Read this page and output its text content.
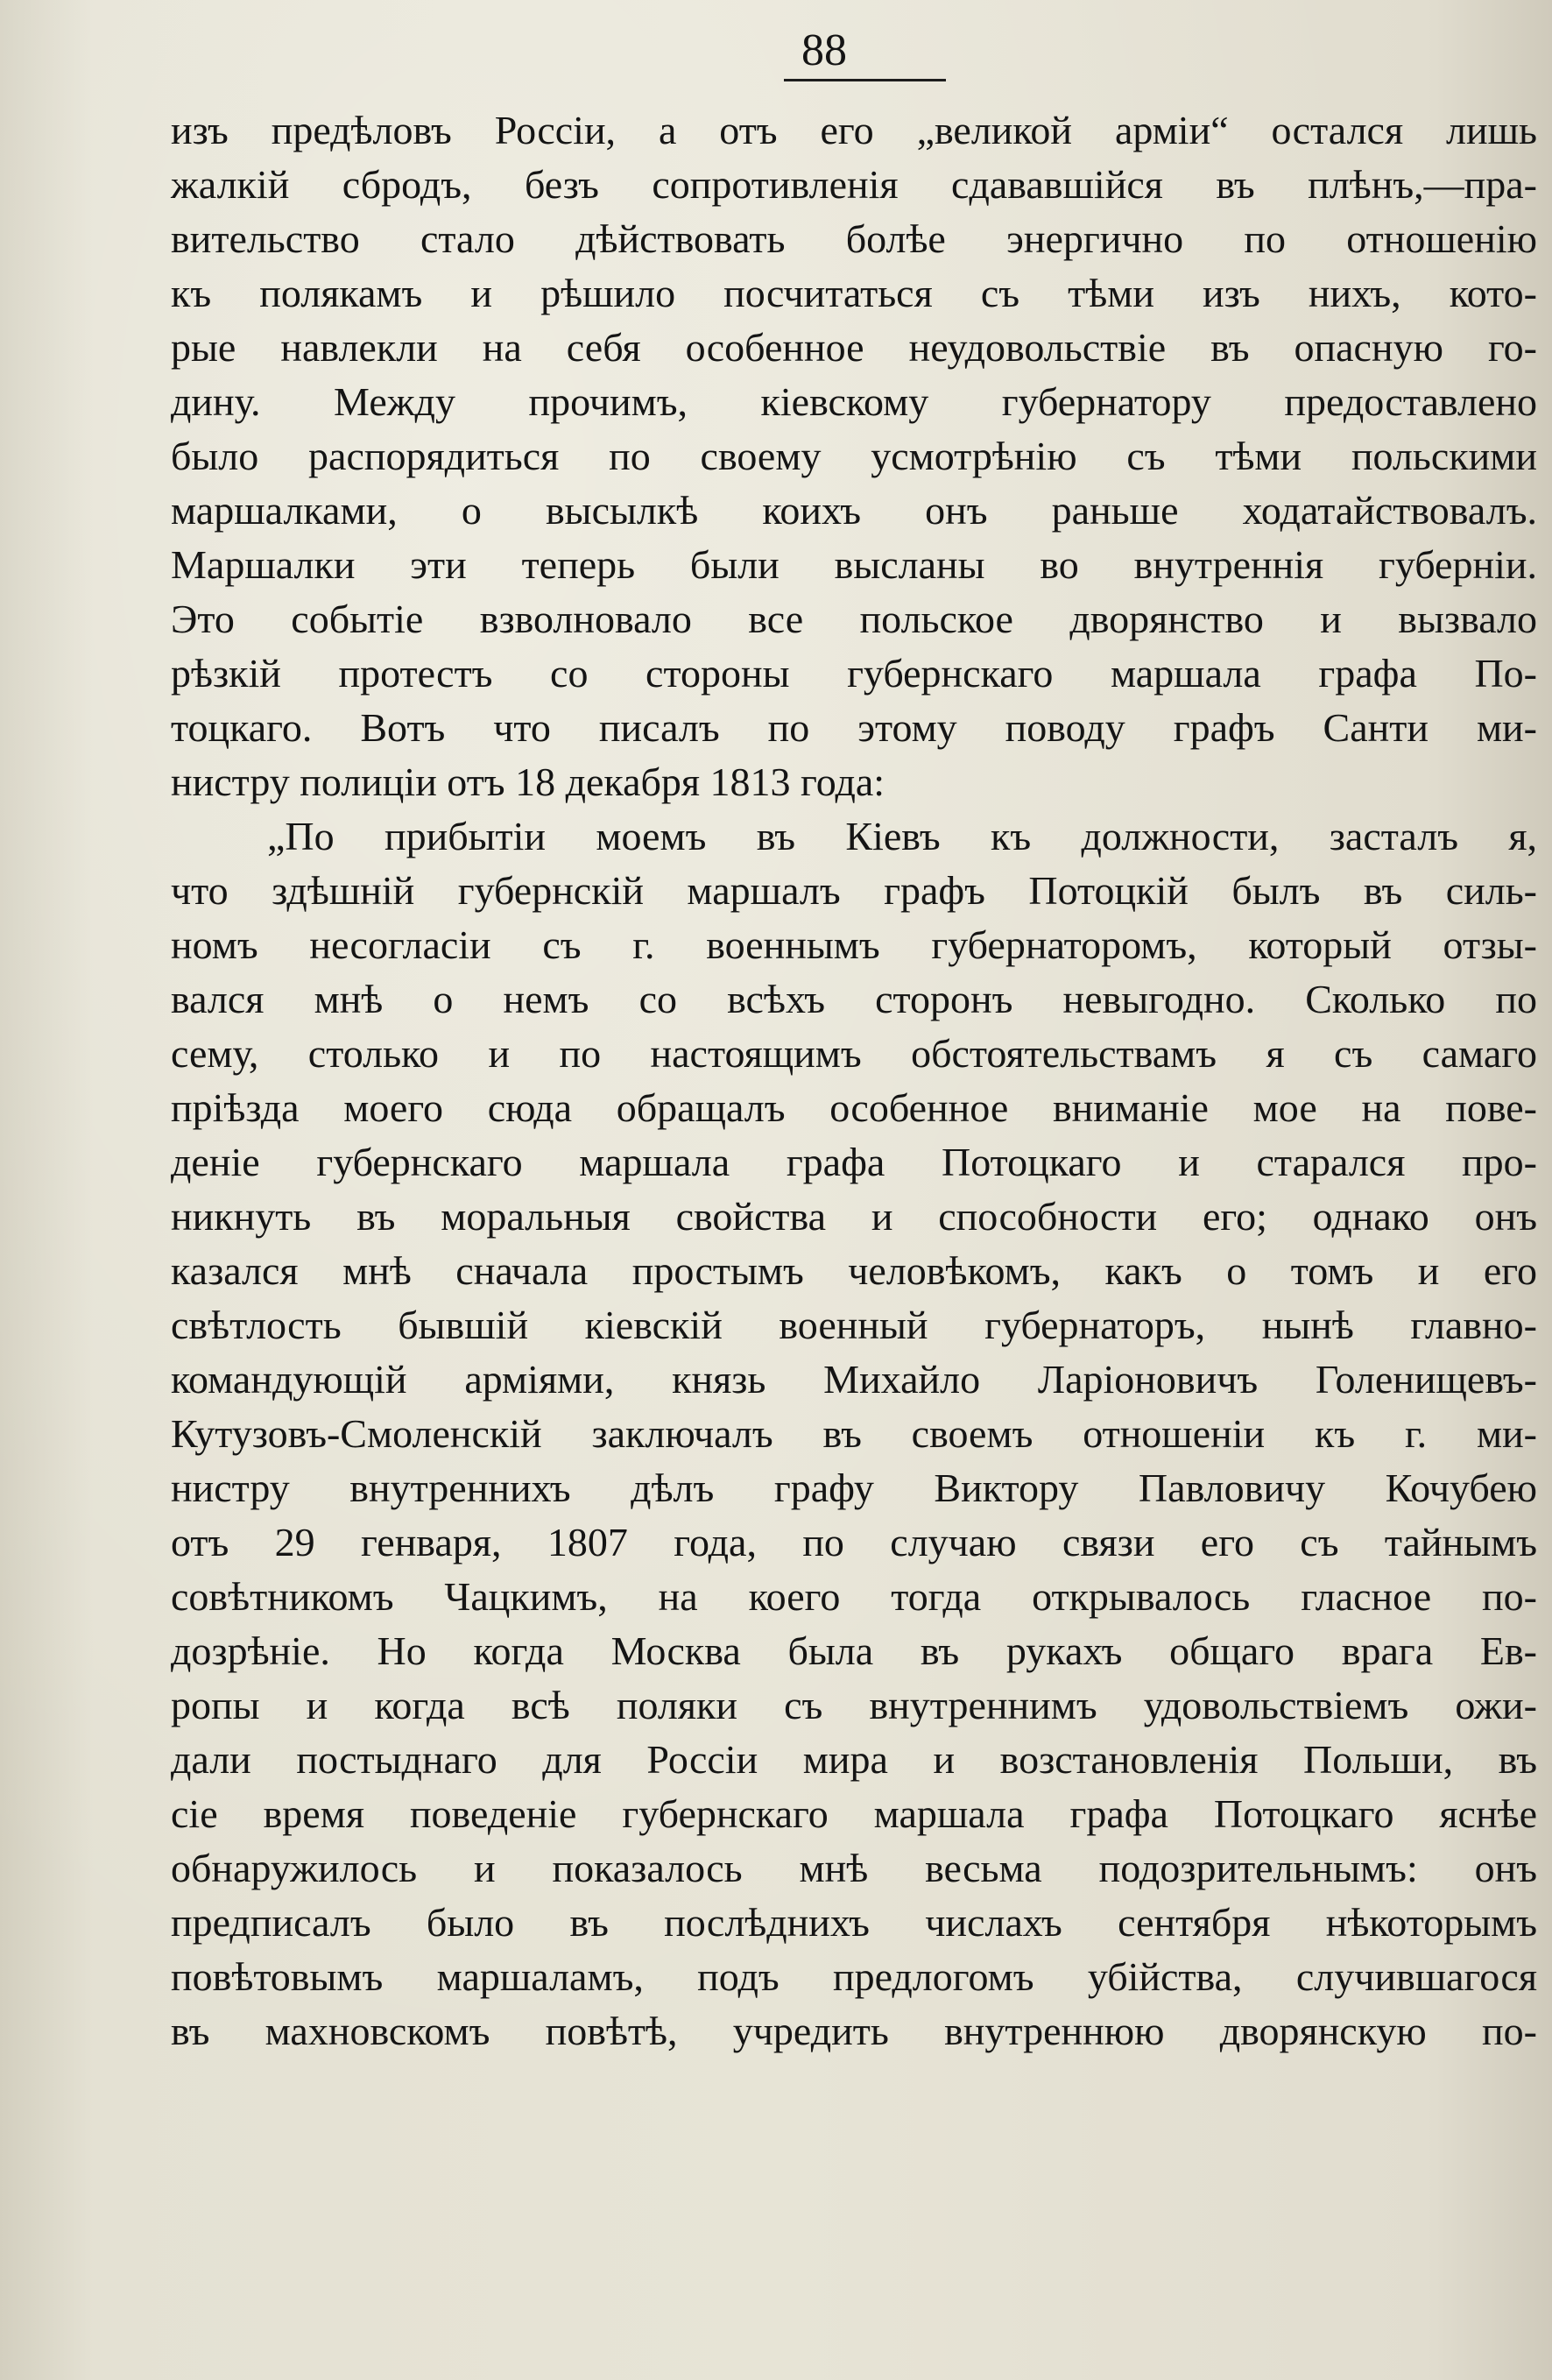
88
изъ предѣловъ Россіи, а отъ его „великой арміи“ остался лишь
жалкій сбродъ, безъ сопротивленія сдававшійся въ плѣнъ,—пра-
вительство стало дѣйствовать болѣе энергично по отношенію
къ полякамъ и рѣшило посчитаться съ тѣми изъ нихъ, кото-
рые навлекли на себя особенное неудовольствіе въ опасную го-
дину. Между прочимъ, кіевскому губернатору предоставлено
было распорядиться по своему усмотрѣнію съ тѣми польскими
маршалками, о высылкѣ коихъ онъ раньше ходатайствовалъ.
Маршалки эти теперь были высланы во внутреннія губерніи.
Это событіе взволновало все польское дворянство и вызвало
рѣзкій протестъ со стороны губернскаго маршала графа По-
тоцкаго. Вотъ что писалъ по этому поводу графъ Санти ми-
нистру полиціи отъ 18 декабря 1813 года:
„По прибытіи моемъ въ Кіевъ къ должности, засталъ я,
что здѣшній губернскій маршалъ графъ Потоцкій былъ въ силь-
номъ несогласіи съ г. военнымъ губернаторомъ, который отзы-
вался мнѣ о немъ со всѣхъ сторонъ невыгодно. Сколько по
сему, столько и по настоящимъ обстоятельствамъ я съ самаго
пріѣзда моего сюда обращалъ особенное вниманіе мое на пове-
деніе губернскаго маршала графа Потоцкаго и старался про-
никнуть въ моральныя свойства и способности его; однако онъ
казался мнѣ сначала простымъ человѣкомъ, какъ о томъ и его
свѣтлость бывшій кіевскій военный губернаторъ, нынѣ главно-
командующій арміями, князь Михайло Ларіоновичъ Голенищевъ-
Кутузовъ-Смоленскій заключалъ въ своемъ отношеніи къ г. ми-
нистру внутреннихъ дѣлъ графу Виктору Павловичу Кочубею
отъ 29 генваря, 1807 года, по случаю связи его съ тайнымъ
совѣтникомъ Чацкимъ, на коего тогда открывалось гласное по-
дозрѣніе. Но когда Москва была въ рукахъ общаго врага Ев-
ропы и когда всѣ поляки съ внутреннимъ удовольствіемъ ожи-
дали постыднаго для Россіи мира и возстановленія Польши, въ
сіе время поведеніе губернскаго маршала графа Потоцкаго яснѣе
обнаружилось и показалось мнѣ весьма подозрительнымъ: онъ
предписалъ было въ послѣднихъ числахъ сентября нѣкоторымъ
повѣтовымъ маршаламъ, подъ предлогомъ убійства, случившагося
въ махновскомъ повѣтѣ, учредить внутреннюю дворянскую по-
